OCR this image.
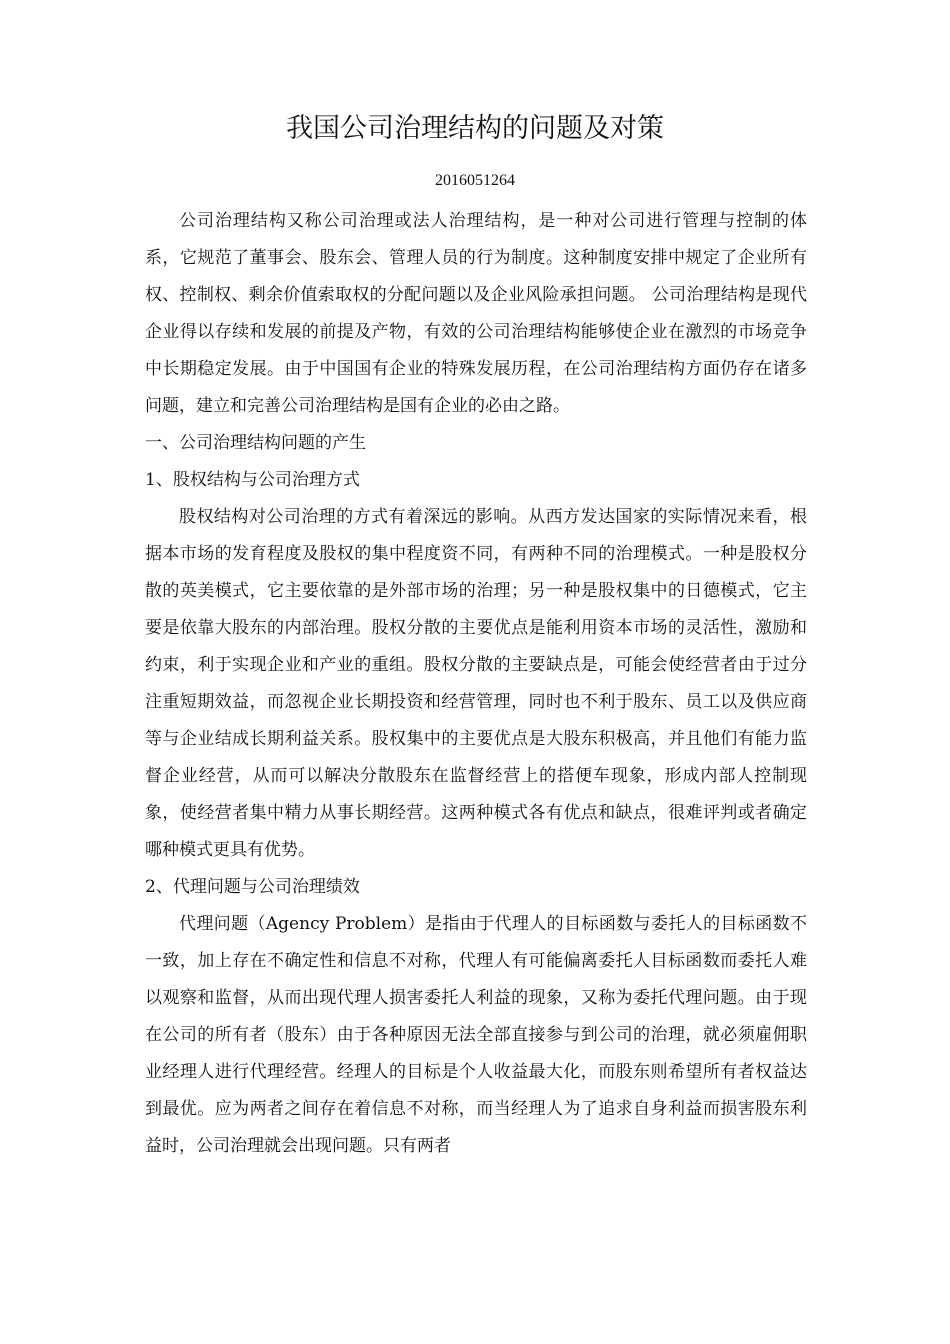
我国公司治理结构的问题及对策
2016051264

公司治理结构又称公司治理或法人治理结构，是一种对公司进行管理与控制的体系，它规范了董事会、股东会、管理人员的行为制度。这种制度安排中规定了企业所有权、控制权、剩余价值索取权的分配问题以及企业风险承担问题。 公司治理结构是现代企业得以存续和发展的前提及产物，有效的公司治理结构能够使企业在激烈的市场竞争中长期稳定发展。由于中国国有企业的特殊发展历程，在公司治理结构方面仍存在诸多问题，建立和完善公司治理结构是国有企业的必由之路。

一、公司治理结构问题的产生

1、股权结构与公司治理方式

股权结构对公司治理的方式有着深远的影响。从西方发达国家的实际情况来看，根据本市场的发育程度及股权的集中程度资不同，有两种不同的治理模式。一种是股权分散的英美模式，它主要依靠的是外部市场的治理；另一种是股权集中的日德模式，它主要是依靠大股东的内部治理。股权分散的主要优点是能利用资本市场的灵活性，激励和约束，利于实现企业和产业的重组。股权分散的主要缺点是，可能会使经营者由于过分注重短期效益，而忽视企业长期投资和经营管理，同时也不利于股东、员工以及供应商等与企业结成长期利益关系。股权集中的主要优点是大股东积极高，并且他们有能力监督企业经营，从而可以解决分散股东在监督经营上的搭便车现象，形成内部人控制现象，使经营者集中精力从事长期经营。这两种模式各有优点和缺点，很难评判或者确定哪种模式更具有优势。

2、代理问题与公司治理绩效

代理问题（Agency Problem）是指由于代理人的目标函数与委托人的目标函数不一致，加上存在不确定性和信息不对称，代理人有可能偏离委托人目标函数而委托人难以观察和监督，从而出现代理人损害委托人利益的现象，又称为委托代理问题。由于现在公司的所有者（股东）由于各种原因无法全部直接参与到公司的治理，就必须雇佣职业经理人进行代理经营。经理人的目标是个人收益最大化，而股东则希望所有者权益达到最优。应为两者之间存在着信息不对称，而当经理人为了追求自身利益而损害股东利益时，公司治理就会出现问题。只有两者
